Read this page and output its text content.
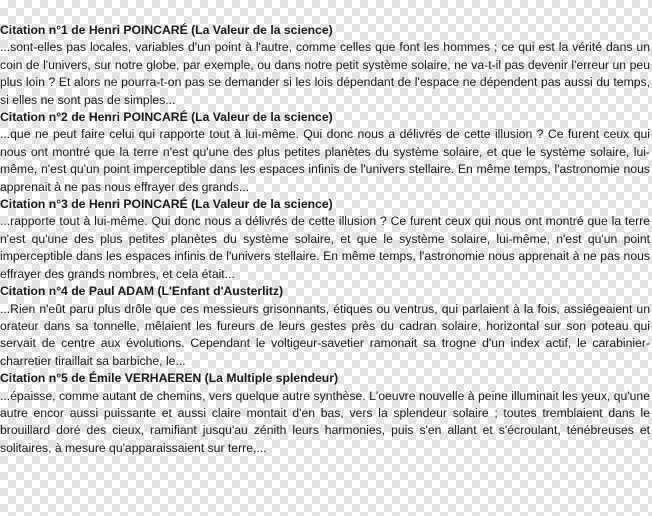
Citation n°1 de Henri POINCARÉ (La Valeur de la science)
...sont-elles pas locales, variables d'un point à l'autre, comme celles que font les hommes ; ce qui est la vérité dans un coin de l'univers, sur notre globe, par exemple, ou dans notre petit système solaire, ne va-t-il pas devenir l'erreur un peu plus loin ? Et alors ne pourra-t-on pas se demander si les lois dépendant de l'espace ne dépendent pas aussi du temps, si elles ne sont pas de simples...
Citation n°2 de Henri POINCARÉ (La Valeur de la science)
...que ne peut faire celui qui rapporte tout à lui-même. Qui donc nous a délivrés de cette illusion ? Ce furent ceux qui nous ont montré que la terre n'est qu'une des plus petites planètes du système solaire, et que le système solaire, lui-même, n'est qu'un point imperceptible dans les espaces infinis de l'univers stellaire. En même temps, l'astronomie nous apprenait à ne pas nous effrayer des grands...
Citation n°3 de Henri POINCARÉ (La Valeur de la science)
...rapporte tout à lui-même. Qui donc nous a délivrés de cette illusion ? Ce furent ceux qui nous ont montré que la terre n'est qu'une des plus petites planètes du système solaire, et que le système solaire, lui-même, n'est qu'un point imperceptible dans les espaces infinis de l'univers stellaire. En même temps, l'astronomie nous apprenait à ne pas nous effrayer des grands nombres, et cela était...
Citation n°4 de Paul ADAM (L'Enfant d'Austerlitz)
...Rien n'eût paru plus drôle que ces messieurs grisonnants, étiques ou ventrus, qui parlaient à la fois, assiégeaient un orateur dans sa tonnelle, mêlaient les fureurs de leurs gestes près du cadran solaire, horizontal sur son poteau qui servait de centre aux évolutions. Cependant le voltigeur-savetier ramonait sa trogne d'un index actif, le carabinier-charretier tiraillait sa barbiche, le...
Citation n°5 de Émile VERHAEREN (La Multiple splendeur)
...épaisse, comme autant de chemins, vers quelque autre synthèse. L'oeuvre nouvelle à peine illuminait les yeux, qu'une autre encor aussi puissante et aussi claire montait d'en bas, vers la splendeur solaire ; toutes tremblaient dans le brouillard doré des cieux, ramifiant jusqu'au zénith leurs harmonies, puis s'en allant et s'écroulant, ténébreuses et solitaires, à mesure qu'apparaissaient sur terre,...
